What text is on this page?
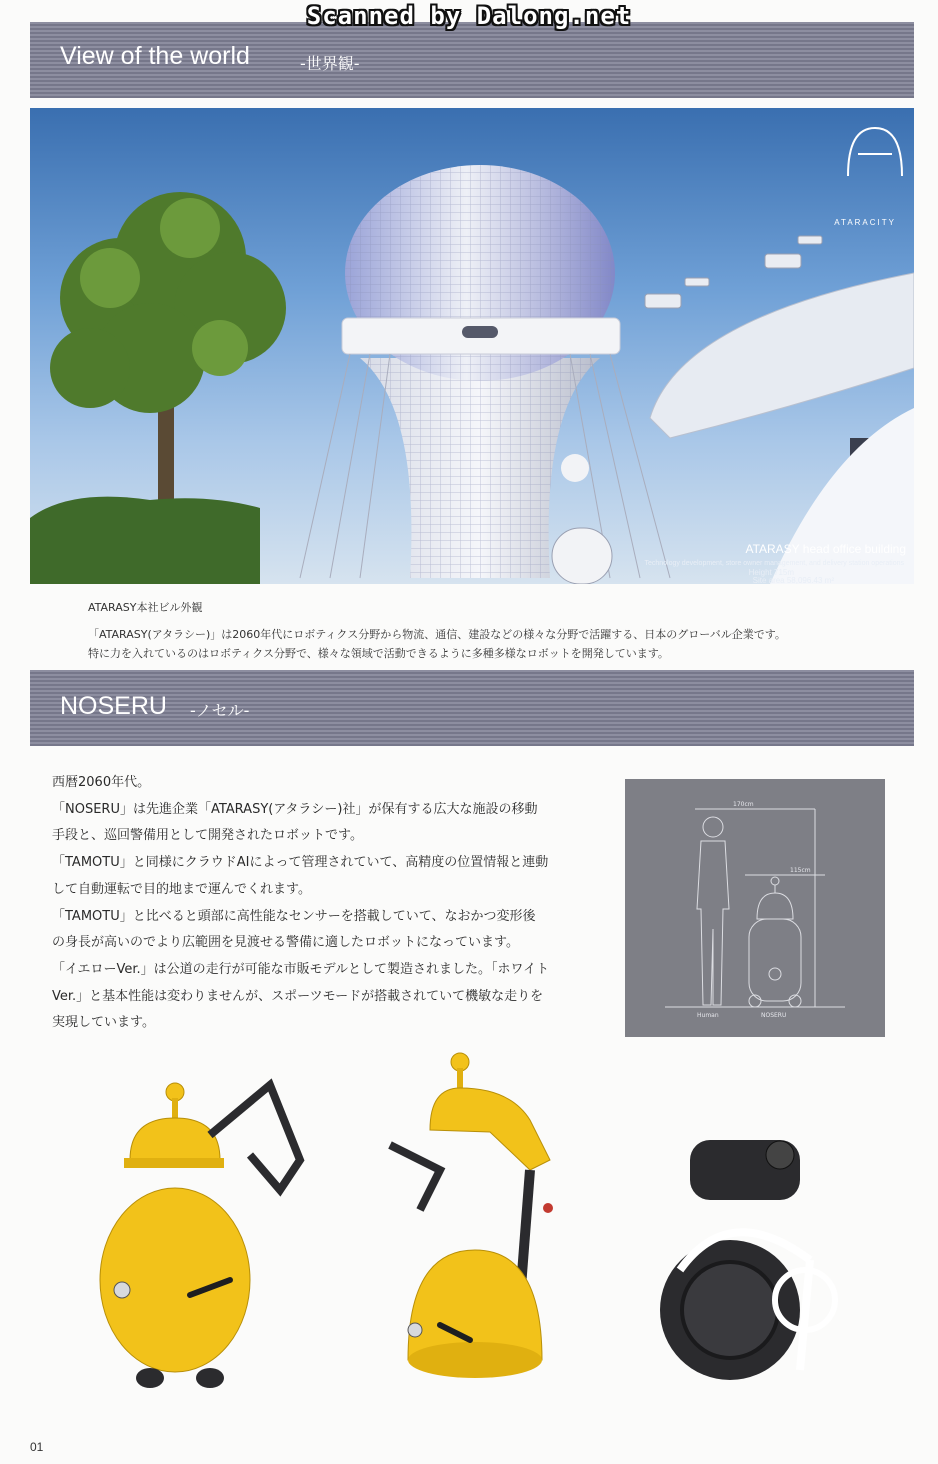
Scanned by Dalong.net
View of the world	-世界観-
ATARACITY
ATARASY head office building
Technology development, store owner management, and delivery station operations
Height 715m
Site area 58,096.43 m²
ATARASY本社ビル外観
「ATARASY(アタラシー)」は2060年代にロボティクス分野から物流、通信、建設などの様々な分野で活躍する、日本のグローバル企業です。
特に力を入れているのはロボティクス分野で、様々な領域で活動できるように多種多様なロボットを開発しています。
NOSERU -ノセル-
西暦2060年代。
「NOSERU」は先進企業「ATARASY(アタラシー)社」が保有する広大な施設の移動
手段と、巡回警備用として開発されたロボットです。
「TAMOTU」と同様にクラウドAIによって管理されていて、高精度の位置情報と連動
して自動運転で目的地まで運んでくれます。
「TAMOTU」と比べると頭部に高性能なセンサーを搭載していて、なおかつ変形後
の身長が高いのでより広範囲を見渡せる警備に適したロボットになっています。
「イエローVer.」は公道の走行が可能な市販モデルとして製造されました。「ホワイト
Ver.」と基本性能は変わりませんが、スポーツモードが搭載されていて機敏な走りを
実現しています。
170cm
115cm
Human	NOSERU
01
